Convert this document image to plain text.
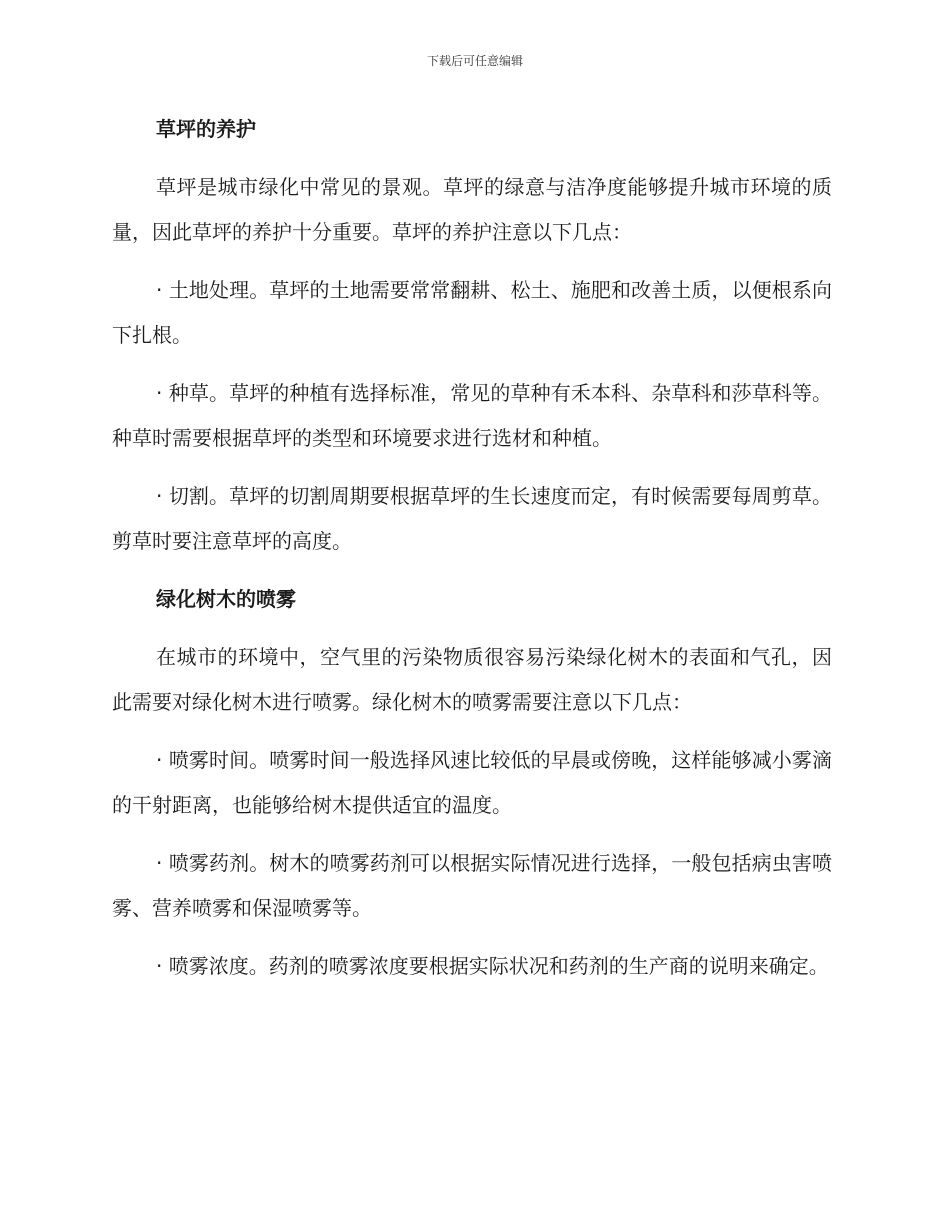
下载后可任意编辑
草坪的养护

草坪是城市绿化中常见的景观。草坪的绿意与洁净度能够提升城市环境的质量，因此草坪的养护十分重要。草坪的养护注意以下几点：

· 土地处理。草坪的土地需要常常翻耕、松土、施肥和改善土质，以便根系向下扎根。

· 种草。草坪的种植有选择标准，常见的草种有禾本科、杂草科和莎草科等。种草时需要根据草坪的类型和环境要求进行选材和种植。

· 切割。草坪的切割周期要根据草坪的生长速度而定，有时候需要每周剪草。剪草时要注意草坪的高度。

绿化树木的喷雾

在城市的环境中，空气里的污染物质很容易污染绿化树木的表面和气孔，因此需要对绿化树木进行喷雾。绿化树木的喷雾需要注意以下几点：

· 喷雾时间。喷雾时间一般选择风速比较低的早晨或傍晚，这样能够减小雾滴的干射距离，也能够给树木提供适宜的温度。

· 喷雾药剂。树木的喷雾药剂可以根据实际情况进行选择，一般包括病虫害喷雾、营养喷雾和保湿喷雾等。

· 喷雾浓度。药剂的喷雾浓度要根据实际状况和药剂的生产商的说明来确定。
